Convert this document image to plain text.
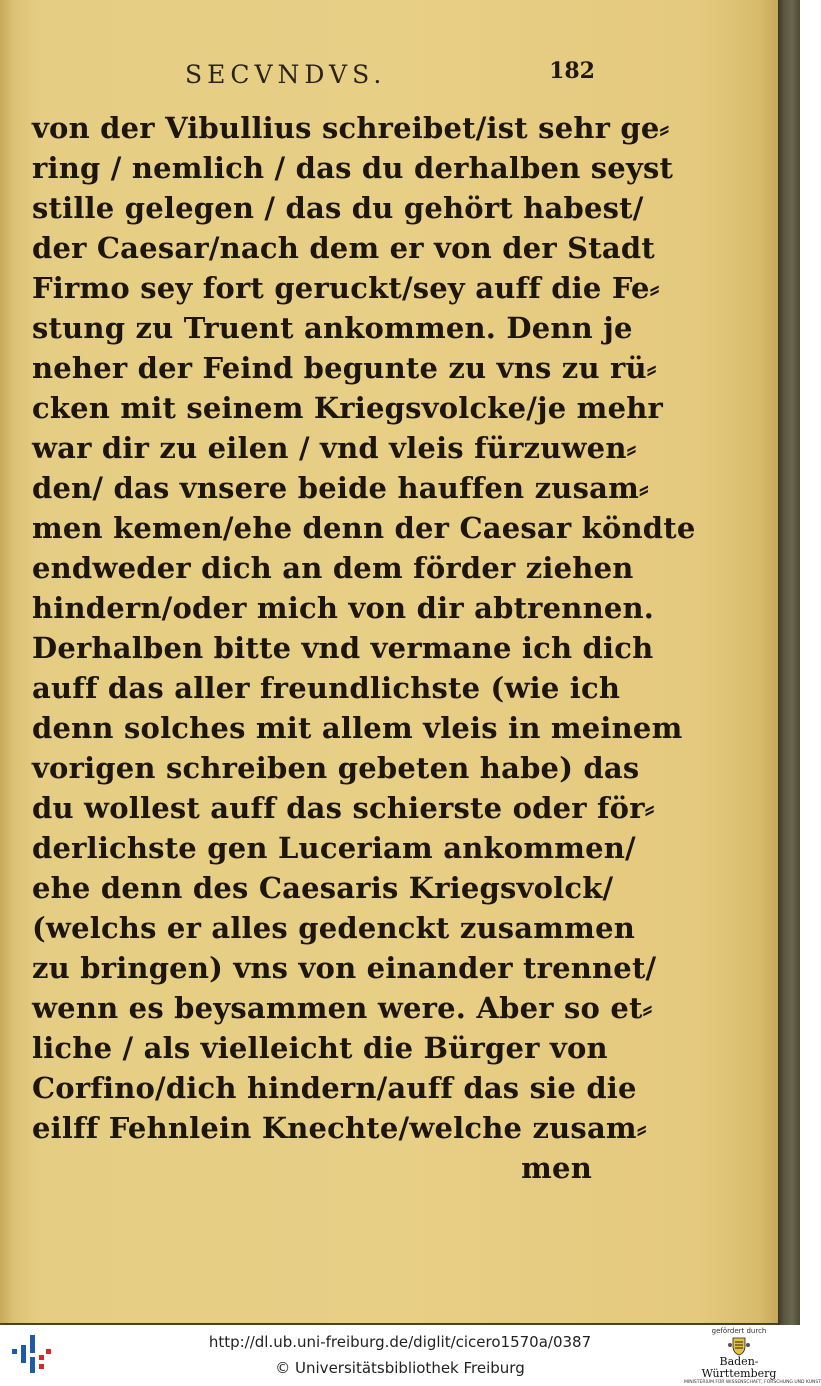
SECVNDVS.	182
von der Vibullius schreibet/ist sehr ge⸗
ring / nemlich / das du derhalben seyst
stille gelegen / das du gehört habest/
der Caesar/nach dem er von der Stadt
Firmo sey fort geruckt/sey auff die Fe⸗
stung zu Truent ankommen. Denn je
neher der Feind begunte zu vns zu rü⸗
cken mit seinem Kriegsvolcke/je mehr
war dir zu eilen / vnd vleis fürzuwen⸗
den/ das vnsere beide hauffen zusam⸗
men kemen/ehe denn der Caesar köndte
endweder dich an dem förder ziehen
hindern/oder mich von dir abtrennen.
Derhalben bitte vnd vermane ich dich
auff das aller freundlichste (wie ich
denn solches mit allem vleis in meinem
vorigen schreiben gebeten habe) das
du wollest auff das schierste oder för⸗
derlichste gen Luceriam ankommen/
ehe denn des Caesaris Kriegsvolck/
(welchs er alles gedenckt zusammen
zu bringen) vns von einander trennet/
wenn es beysammen were. Aber so et⸗
liche / als vielleicht die Bürger von
Corfino/dich hindern/auff das sie die
eilff Fehnlein Knechte/welche zusam⸗
men
http://dl.ub.uni-freiburg.de/diglit/cicero1570a/0387
© Universitätsbibliothek Freiburg
gefördert durch
Baden-Württemberg
MINISTERIUM FÜR WISSENSCHAFT, FORSCHUNG UND KUNST
